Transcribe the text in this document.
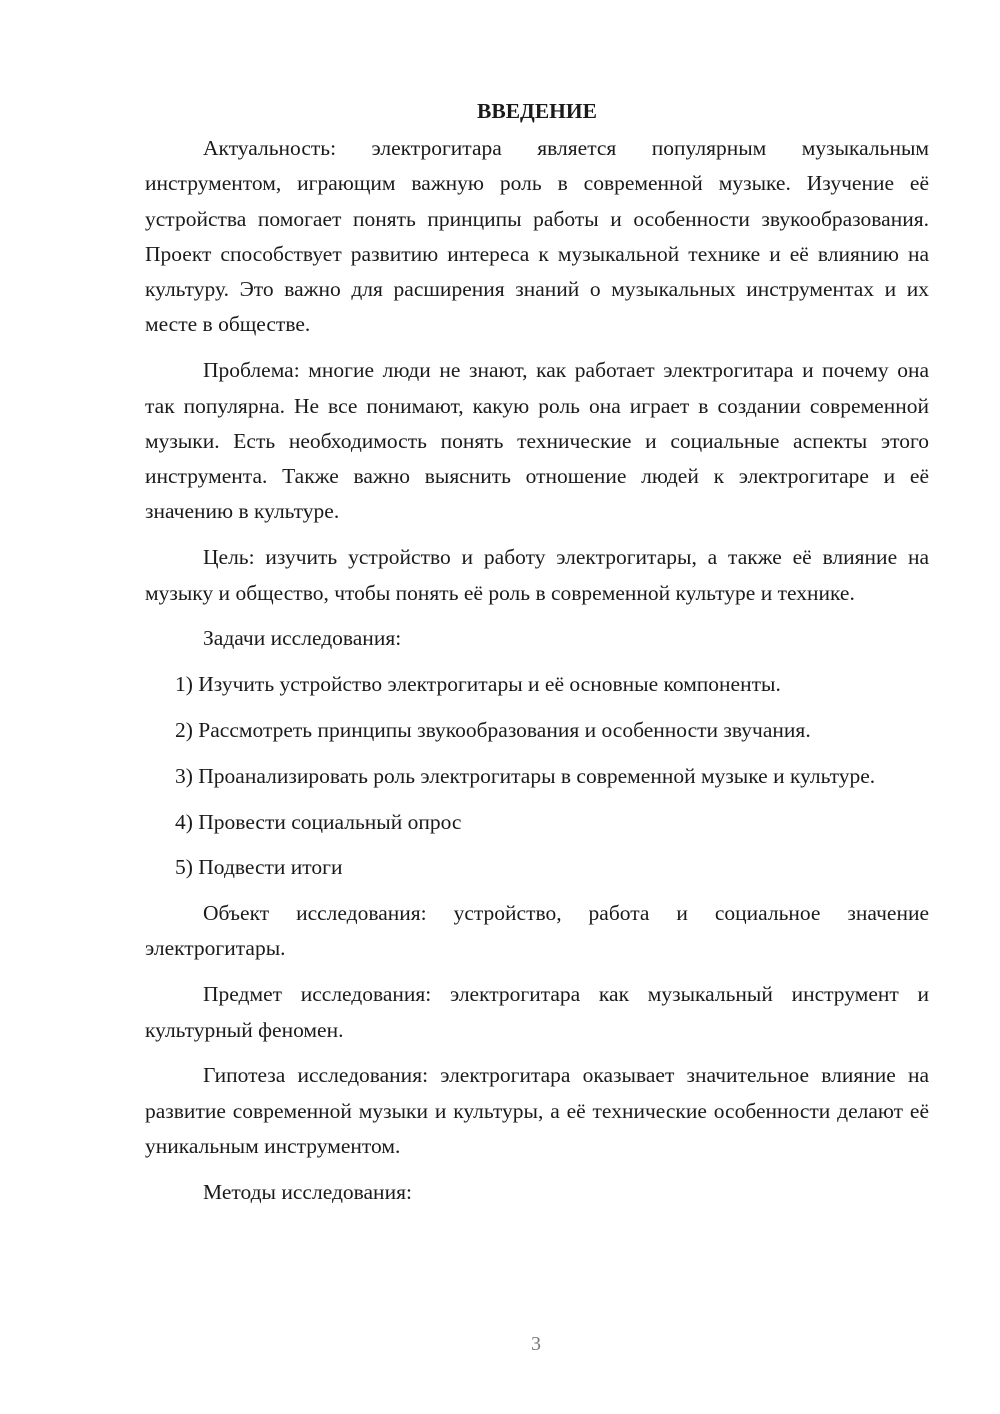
ВВЕДЕНИЕ

Актуальность: электрогитара является популярным музыкальным инструментом, играющим важную роль в современной музыке. Изучение её устройства помогает понять принципы работы и особенности звукообразования. Проект способствует развитию интереса к музыкальной технике и её влиянию на культуру. Это важно для расширения знаний о музыкальных инструментах и их месте в обществе.

Проблема: многие люди не знают, как работает электрогитара и почему она так популярна. Не все понимают, какую роль она играет в создании современной музыки. Есть необходимость понять технические и социальные аспекты этого инструмента. Также важно выяснить отношение людей к электрогитаре и её значению в культуре.

Цель: изучить устройство и работу электрогитары, а также её влияние на музыку и общество, чтобы понять её роль в современной культуре и технике.

Задачи исследования:

1) Изучить устройство электрогитары и её основные компоненты.

2) Рассмотреть принципы звукообразования и особенности звучания.

3) Проанализировать роль электрогитары в современной музыке и культуре.

4) Провести социальный опрос

5) Подвести итоги

Объект исследования: устройство, работа и социальное значение электрогитары.

Предмет исследования: электрогитара как музыкальный инструмент и культурный феномен.

Гипотеза исследования: электрогитара оказывает значительное влияние на развитие современной музыки и культуры, а её технические особенности делают её уникальным инструментом.

Методы исследования:

3
